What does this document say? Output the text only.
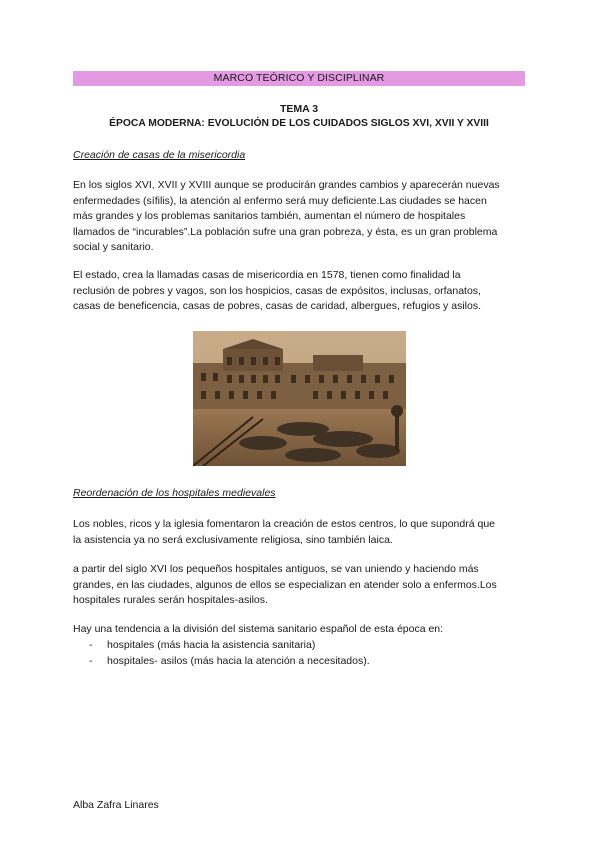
MARCO TEÓRICO Y DISCIPLINAR
TEMA 3
ÉPOCA MODERNA: EVOLUCIÓN DE LOS CUIDADOS SIGLOS XVI, XVII Y XVIII
Creación de casas de la misericordia
En los siglos XVI, XVII y XVIII aunque se producirán grandes cambios y aparecerán nuevas
enfermedades (sífilis), la atención al enfermo será muy deficiente.Las ciudades se hacen
más grandes y los problemas sanitarios también, aumentan el número de hospitales
llamados de “incurables”.La población sufre una gran pobreza, y ésta, es un gran problema
social y sanitario.
El estado, crea la llamadas casas de misericordia en 1578, tienen como finalidad la
reclusión de pobres y vagos, son los hospicios, casas de expósitos, inclusas, orfanatos,
casas de beneficencia, casas de pobres, casas de caridad, albergues, refugios y asilos.
Reordenación de los hospitales medievales
Los nobles, ricos y la iglesia fomentaron la creación de estos centros, lo que supondrá que
la asistencia ya no será exclusivamente religiosa, sino también laica.
a partir del siglo XVI los pequeños hospitales antiguos, se van uniendo y haciendo más
grandes, en las ciudades, algunos de ellos se especializan en atender solo a enfermos.Los
hospitales rurales serán hospitales-asilos.
Hay una tendencia a la división del sistema sanitario español de esta época en:
- hospitales (más hacia la asistencia sanitaria)
- hospitales- asilos (más hacia la atención a necesitados).
Alba Zafra Linares
